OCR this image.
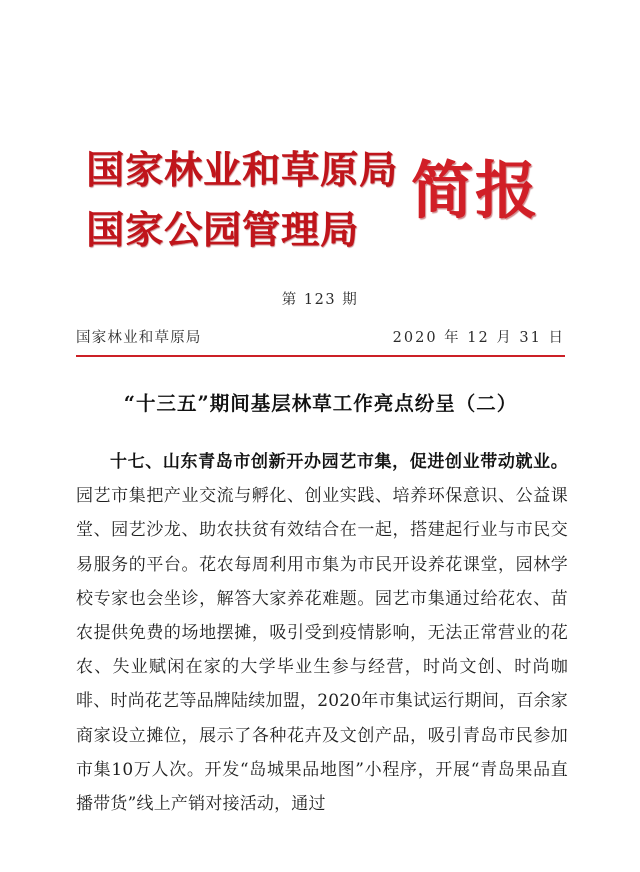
国家林业和草原局
国家公园管理局
简报
第 123 期
国家林业和草原局	2020 年 12 月 31 日
“十三五”期间基层林草工作亮点纷呈（二）

十七、山东青岛市创新开办园艺市集，促进创业带动就业。园艺市集把产业交流与孵化、创业实践、培养环保意识、公益课堂、园艺沙龙、助农扶贫有效结合在一起，搭建起行业与市民交易服务的平台。花农每周利用市集为市民开设养花课堂，园林学校专家也会坐诊，解答大家养花难题。园艺市集通过给花农、苗农提供免费的场地摆摊，吸引受到疫情影响，无法正常营业的花农、失业赋闲在家的大学毕业生参与经营，时尚文创、时尚咖啡、时尚花艺等品牌陆续加盟，2020年市集试运行期间，百余家商家设立摊位，展示了各种花卉及文创产品，吸引青岛市民参加市集10万人次。开发“岛城果品地图”小程序，开展“青岛果品直播带货”线上产销对接活动，通过
